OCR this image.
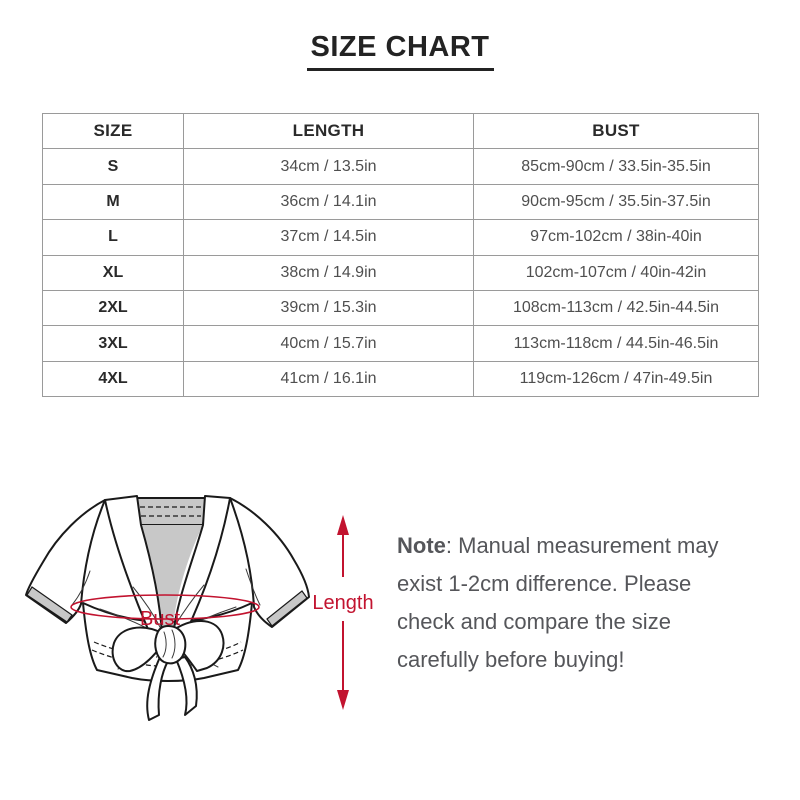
SIZE CHART
SIZE	LENGTH	BUST
S	34cm / 13.5in	85cm-90cm / 33.5in-35.5in
M	36cm / 14.1in	90cm-95cm / 35.5in-37.5in
L	37cm / 14.5in	97cm-102cm / 38in-40in
XL	38cm / 14.9in	102cm-107cm / 40in-42in
2XL	39cm / 15.3in	108cm-113cm / 42.5in-44.5in
3XL	40cm / 15.7in	113cm-118cm / 44.5in-46.5in
4XL	41cm / 16.1in	119cm-126cm / 47in-49.5in
Bust
Length
Note: Manual measurement may
exist 1-2cm difference. Please
check and compare the size
carefully before buying!
